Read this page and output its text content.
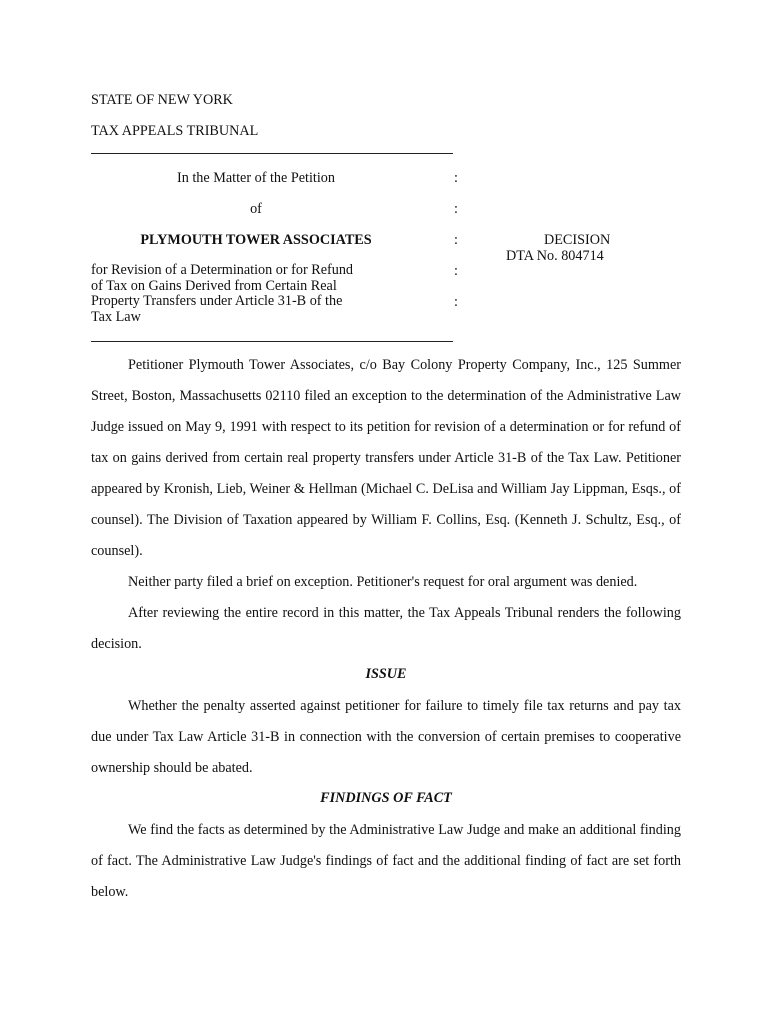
STATE OF NEW YORK
TAX APPEALS TRIBUNAL
In the Matter of the Petition
of
PLYMOUTH TOWER ASSOCIATES
for Revision of a Determination or for Refund
of Tax on Gains Derived from Certain Real
Property Transfers under Article 31-B of the
Tax Law
:
:
:
:
:
DECISION
DTA No. 804714
Petitioner Plymouth Tower Associates, c/o Bay Colony Property Company, Inc., 125 Summer Street, Boston, Massachusetts 02110 filed an exception to the determination of the Administrative Law Judge issued on May 9, 1991 with respect to its petition for revision of a determination or for refund of tax on gains derived from certain real property transfers under Article 31-B of the Tax Law. Petitioner appeared by Kronish, Lieb, Weiner & Hellman (Michael C. DeLisa and William Jay Lippman, Esqs., of counsel). The Division of Taxation appeared by William F. Collins, Esq. (Kenneth J. Schultz, Esq., of counsel).
Neither party filed a brief on exception. Petitioner's request for oral argument was denied.
After reviewing the entire record in this matter, the Tax Appeals Tribunal renders the following decision.
ISSUE
Whether the penalty asserted against petitioner for failure to timely file tax returns and pay tax due under Tax Law Article 31-B in connection with the conversion of certain premises to cooperative ownership should be abated.
FINDINGS OF FACT
We find the facts as determined by the Administrative Law Judge and make an additional finding of fact. The Administrative Law Judge's findings of fact and the additional finding of fact are set forth below.
